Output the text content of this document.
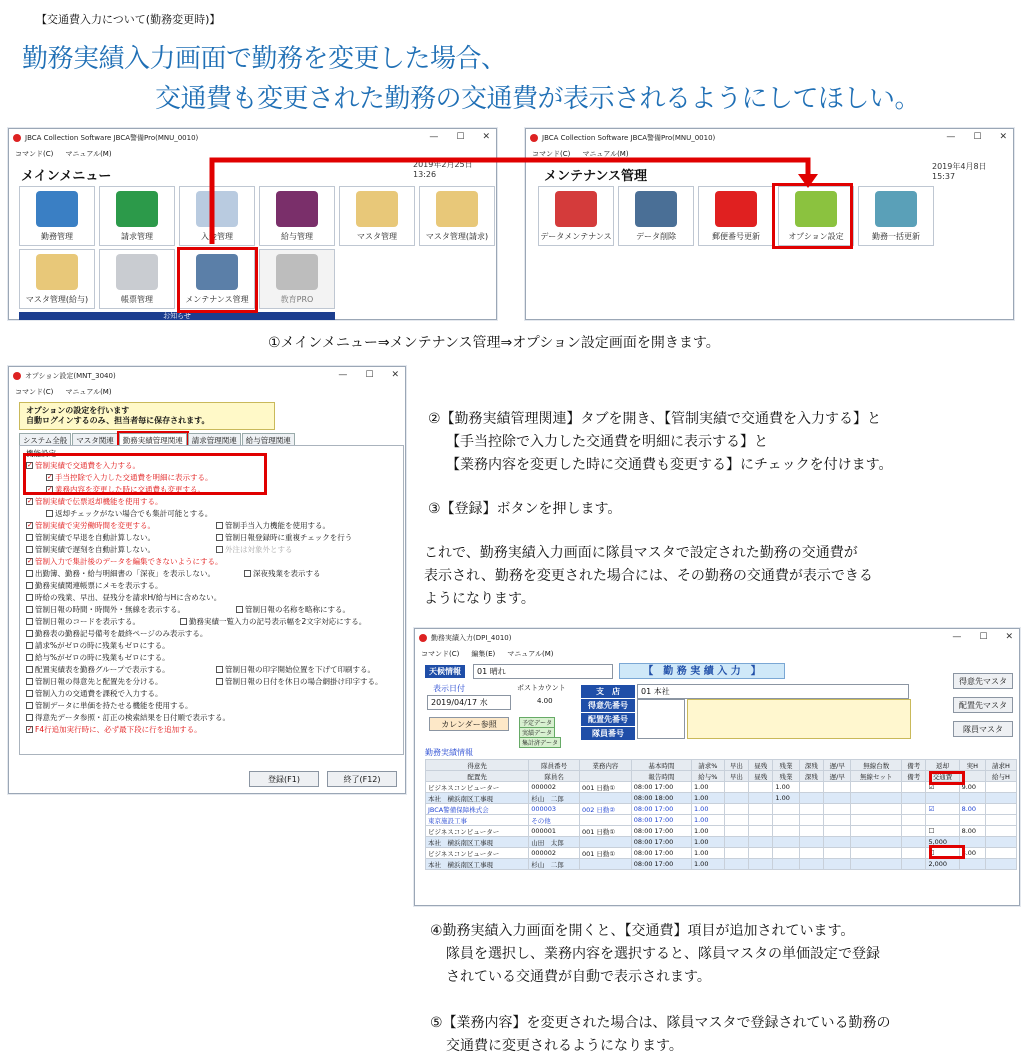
【交通費入力について(勤務変更時)】
勤務実績入力画面で勤務を変更した場合、
交通費も変更された勤務の交通費が表示されるようにしてほしい。
JBCA Collection Software JBCA警備Pro(MNU_0010)	— ☐ ✕
コマンド(C) マニュアル(M)
メインメニュー
2019年2月25日　13:26
勤務管理	請求管理	入金管理	給与管理	マスタ管理	マスタ管理(請求)
マスタ管理(給与)	帳票管理	メンテナンス管理	教育PRO
お知らせ
JBCA Collection Software JBCA警備Pro(MNU_0010)	— ☐ ✕
コマンド(C) マニュアル(M)
メンテナンス管理
2019年4月8日　15:37
データメンテナンス	データ削除	郵便番号更新	オプション設定	勤務一括更新
①メインメニュー⇒メンテナンス管理⇒オプション設定画面を開きます。
オプション設定(MNT_3040)	— ☐ ✕
コマンド(C) マニュアル(M)
オプションの設定を行います
自動ログインするのみ、担当者毎に保存されます。
システム全般	マスタ関連	勤務実績管理関連	請求管理関連	給与管理関連
機能設定
✓ 管制実績で交通費を入力する。
✓ 手当控除で入力した交通費を明細に表示する。
✓ 業務内容を変更した時に交通費も変更する。
✓ 管制実績で伝票返却機能を使用する。
返却チェックがない場合でも集計可能とする。
✓ 管制実績で実労働時間を変更する。	管制手当入力機能を使用する。
管制実績で早退を自動計算しない。	管制日報登録時に重複チェックを行う
管制実績で遅刻を自動計算しない。	外注は対象外とする
✓ 管制入力で集計後のデータを編集できないようにする。
出勤簿、勤務・給与明細書の「深夜」を表示しない。	深夜残業を表示する
勤務実績関連帳票にメモを表示する。
時給の残業、早出、昼残分を請求H/給与Hに含めない。
管制日報の時間・時間外・無線を表示する。	管制日報の名称を略称にする。
管制日報のコードを表示する。	勤務実績一覧入力の記号表示幅を2文字対応にする。
勤務表の勤務記号備考を最終ページのみ表示する。
請求%がゼロの時に残業もゼロにする。
給与%がゼロの時に残業もゼロにする。
配置実績表を勤務グループで表示する。	管制日報の印字開始位置を下げて印刷する。
管制日報の得意先と配置先を分ける。	管制日報の日付を休日の場合網掛け印字する。
管制入力の交通費を課税で入力する。
管制データに単価を持たせる機能を使用する。
得意先データ参照・訂正の検索結果を日付順で表示する。
✓ F4行追加実行時に、必ず最下段に行を追加する。
登録(F1)	終了(F12)
②【勤務実績管理関連】タブを開き、【管制実績で交通費を入力する】と
【手当控除で入力した交通費を明細に表示する】と
【業務内容を変更した時に交通費も変更する】にチェックを付けます。
③【登録】ボタンを押します。
これで、勤務実績入力画面に隊員マスタで設定された勤務の交通費が
表示され、勤務を変更された場合には、その勤務の交通費が表示できる
ようになります。
勤務実績入力(DPI_4010)	— ☐ ✕
コマンド(C) 編集(E) マニュアル(M)
天候情報	01 晴れ	【　勤 務 実 績 入 力　】
表示日付
2019/04/17 水
ポストカウント
4.00
支　店	01 本社
得意先番号
配置先番号
隊員番号
カレンダー参照	予定データ
実績データ
集計済データ
得意先マスタ
配置先マスタ
隊員マスタ
勤務実績情報
得意先	隊員番号	業務内容	基本時間	請求%	早出	昼残	残業	深残	遅/早	無線台数	備考	返却	実H	請求H
配置先	隊員名		報告時間	給与%	早出	昼残	残業	深残	遅/早	無線セット	備考	交通費		給与H
ビジネスコンピューター	000002	001 日勤①	08:00 17:00	1.00			1.00					☑	9.00	
本社　横浜南区工事現	杉山　二郎		08:00 18:00	1.00			1.00							
JBCA警備保障株式会	000003	002 日勤②	08:00 17:00	1.00								☑	8.00	
東京施設工事	その他		08:00 17:00	1.00										
ビジネスコンピューター	000001	001 日勤①	08:00 17:00	1.00								☐	8.00	
本社　横浜南区工事現	山田　太郎		08:00 17:00	1.00								5,000		
ビジネスコンピューター	000002	001 日勤①	08:00 17:00	1.00								☐	8.00	
本社　横浜南区工事現	杉山　二郎		08:00 17:00	1.00								2,000		
④勤務実績入力画面を開くと、【交通費】項目が追加されています。
隊員を選択し、業務内容を選択すると、隊員マスタの単価設定で登録
されている交通費が自動で表示されます。
⑤【業務内容】を変更された場合は、隊員マスタで登録されている勤務の
交通費に変更されるようになります。
